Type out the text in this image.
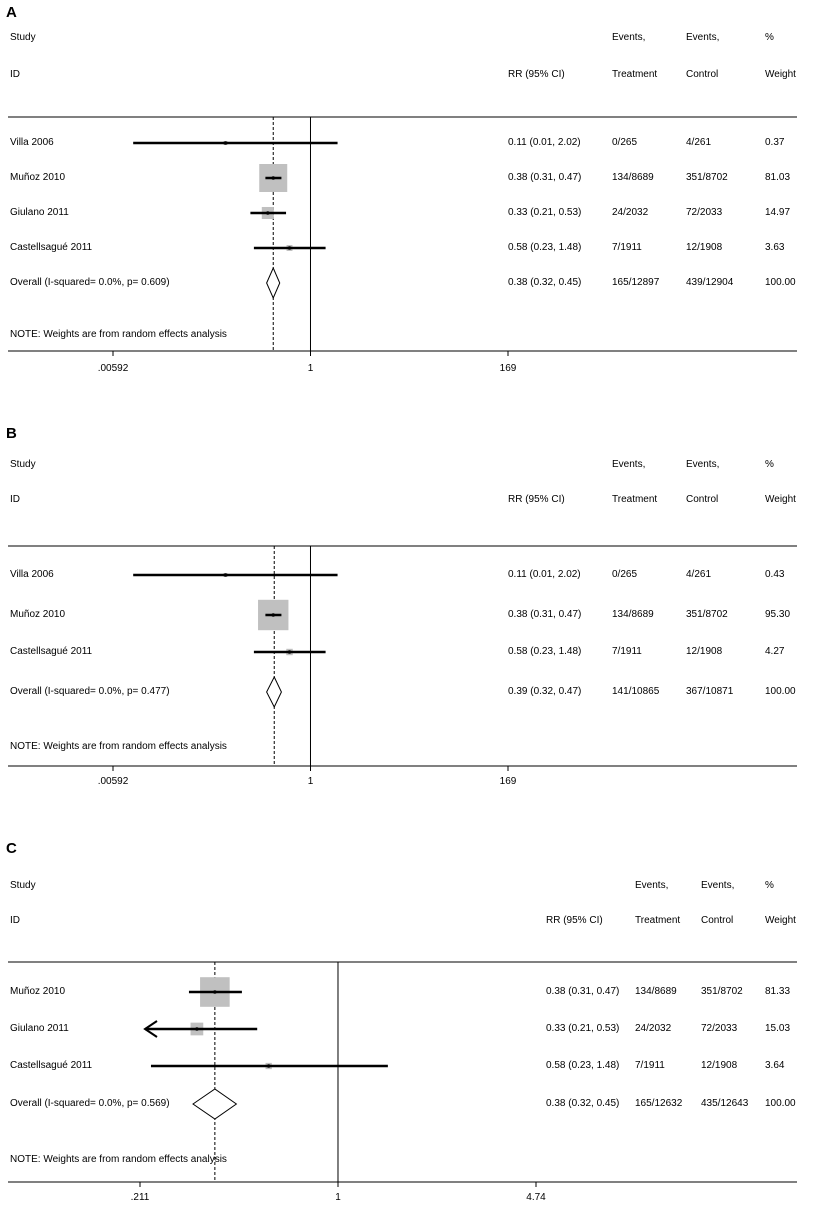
.00592	1	169
.00592	1	169
.211	1	4.74
A
Study
ID	RR (95% CI)
Events,
Treatment
Events,
Control
%
Weight
Villa 2006	0.11 (0.01, 2.02)	0/265	4/261	0.37
Muñoz 2010	0.38 (0.31, 0.47)	134/8689	351/8702	81.03
Giulano 2011	0.33 (0.21, 0.53)	24/2032	72/2033	14.97
Castellsagué 2011	0.58 (0.23, 1.48)	7/1911	12/1908	3.63
Overall (I-squared= 0.0%, p= 0.609)	0.38 (0.32, 0.45)	165/12897	439/12904	100.00
NOTE: Weights are from random effects analysis
B
Study
ID	RR (95% CI)
Events,
Treatment
Events,
Control
%
Weight
Villa 2006	0.11 (0.01, 2.02)	0/265	4/261	0.43
Muñoz 2010	0.38 (0.31, 0.47)	134/8689	351/8702	95.30
Castellsagué 2011	0.58 (0.23, 1.48)	7/1911	12/1908	4.27
Overall (I-squared= 0.0%, p= 0.477)	0.39 (0.32, 0.47)	141/10865	367/10871	100.00
NOTE: Weights are from random effects analysis
C
Study
ID	RR (95% CI)
Events,
Treatment
Events,
Control
%
Weight
Muñoz 2010	0.38 (0.31, 0.47) 134/8689 351/8702 81.33
Giulano 2011	0.33 (0.21, 0.53) 24/2032	72/2033	15.03
Castellsagué 2011	0.58 (0.23, 1.48) 7/1911	12/1908	3.64
Overall (I-squared= 0.0%, p= 0.569)	0.38 (0.32, 0.45) 165/12632 435/12643 100.00
NOTE: Weights are from random effects analysis
